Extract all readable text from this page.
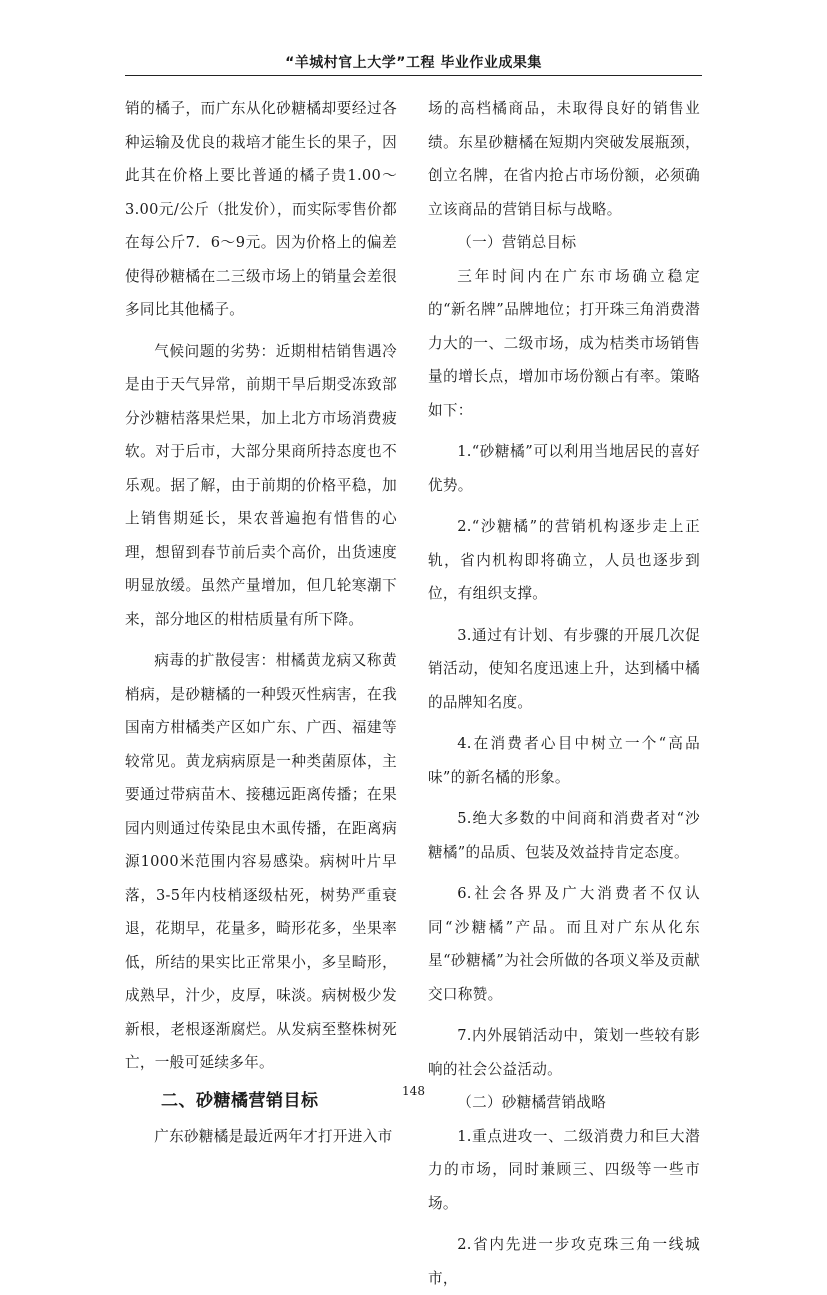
“羊城村官上大学”工程 毕业作业成果集

销的橘子，而广东从化砂糖橘却要经过各种运输及优良的栽培才能生长的果子，因此其在价格上要比普通的橘子贵1.00～3.00元/公斤（批发价），而实际零售价都在每公斤7．6～9元。因为价格上的偏差使得砂糖橘在二三级市场上的销量会差很多同比其他橘子。

气候问题的劣势：近期柑桔销售遇冷是由于天气异常，前期干旱后期受冻致部分沙糖桔落果烂果，加上北方市场消费疲软。对于后市，大部分果商所持态度也不乐观。据了解，由于前期的价格平稳，加上销售期延长，果农普遍抱有惜售的心理，想留到春节前后卖个高价，出货速度明显放缓。虽然产量增加，但几轮寒潮下来，部分地区的柑桔质量有所下降。

病毒的扩散侵害：柑橘黄龙病又称黄梢病，是砂糖橘的一种毁灭性病害，在我国南方柑橘类产区如广东、广西、福建等较常见。黄龙病病原是一种类菌原体，主要通过带病苗木、接穗远距离传播；在果园内则通过传染昆虫木虱传播，在距离病源1000米范围内容易感染。病树叶片早落，3-5年内枝梢逐级枯死，树势严重衰退，花期早，花量多，畸形花多，坐果率低，所结的果实比正常果小，多呈畸形，成熟早，汁少，皮厚，味淡。病树极少发新根，老根逐渐腐烂。从发病至整株树死亡，一般可延续多年。

二、砂糖橘营销目标

广东砂糖橘是最近两年才打开进入市

场的高档橘商品，未取得良好的销售业绩。东星砂糖橘在短期内突破发展瓶颈，创立名牌，在省内抢占市场份额，必须确立该商品的营销目标与战略。

（一）营销总目标

三年时间内在广东市场确立稳定的“新名牌”品牌地位；打开珠三角消费潜力大的一、二级市场，成为桔类市场销售量的增长点，增加市场份额占有率。策略如下：

1.“砂糖橘”可以利用当地居民的喜好优势。

2.“沙糖橘”的营销机构逐步走上正轨，省内机构即将确立，人员也逐步到位，有组织支撑。

3.通过有计划、有步骤的开展几次促销活动，使知名度迅速上升，达到橘中橘的品牌知名度。

4.在消费者心目中树立一个“高品味”的新名橘的形象。

5.绝大多数的中间商和消费者对“沙糖橘”的品质、包装及效益持肯定态度。

6.社会各界及广大消费者不仅认同“沙糖橘”产品。而且对广东从化东星“砂糖橘”为社会所做的各项义举及贡献交口称赞。

7.内外展销活动中，策划一些较有影响的社会公益活动。

（二）砂糖橘营销战略

1.重点进攻一、二级消费力和巨大潜力的市场，同时兼顾三、四级等一些市场。

2.省内先进一步攻克珠三角一线城市，

148
